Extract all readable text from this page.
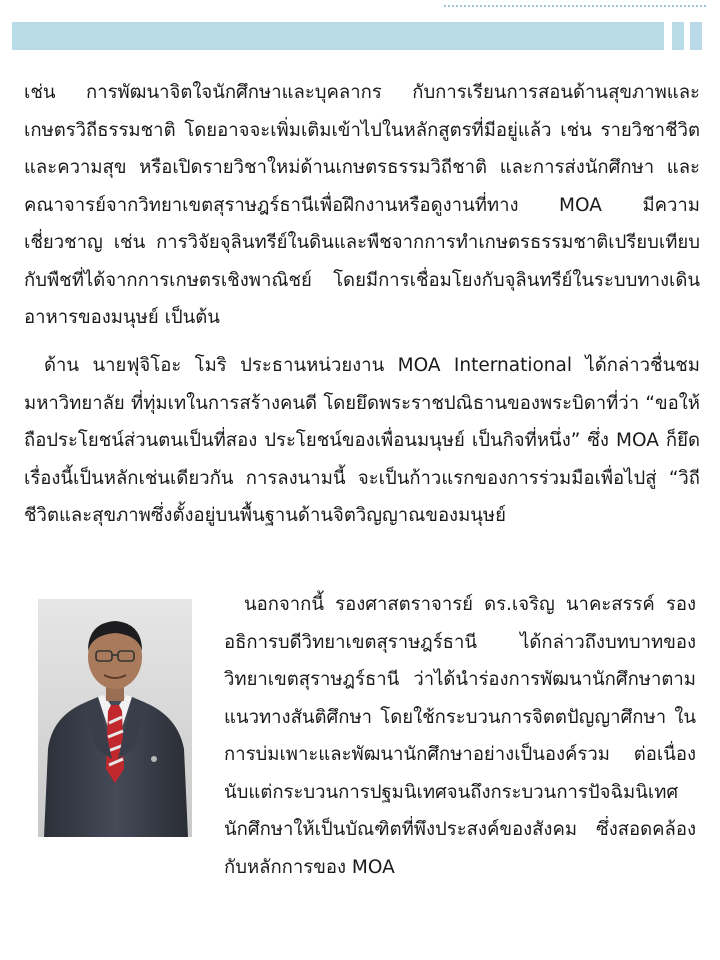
เช่น การพัฒนาจิตใจนักศึกษาและบุคลากร กับการเรียนการสอนด้านสุขภาพและเกษตรวิถีธรรมชาติ โดยอาจจะเพิ่มเติมเข้าไปในหลักสูตรที่มีอยู่แล้ว เช่น รายวิชาชีวิตและความสุข หรือเปิดรายวิชาใหม่ด้านเกษตรธรรมวิถีชาติ และการส่งนักศึกษา และคณาจารย์จากวิทยาเขตสุราษฎร์ธานีเพื่อฝึกงานหรือดูงานที่ทาง MOA มีความเชี่ยวชาญ เช่น การวิจัยจุลินทรีย์ในดินและพืชจากการทำเกษตรธรรมชาติเปรียบเทียบกับพืชที่ได้จากการเกษตรเชิงพาณิชย์ โดยมีการเชื่อมโยงกับจุลินทรีย์ในระบบทางเดินอาหารของมนุษย์ เป็นต้น

ด้าน นายฟุจิโอะ โมริ ประธานหน่วยงาน MOA International ได้กล่าวชื่นชมมหาวิทยาลัย ที่ทุ่มเทในการสร้างคนดี โดยยึดพระราชปณิธานของพระบิดาที่ว่า “ขอให้ถือประโยชน์ส่วนตนเป็นที่สอง ประโยชน์ของเพื่อนมนุษย์ เป็นกิจที่หนึ่ง” ซึ่ง MOA ก็ยึดเรื่องนี้เป็นหลักเช่นเดียวกัน การลงนามนี้ จะเป็นก้าวแรกของการร่วมมือเพื่อไปสู่ “วิถีชีวิตและสุขภาพซึ่งตั้งอยู่บนพื้นฐานด้านจิตวิญญาณของมนุษย์

นอกจากนี้ รองศาสตราจารย์ ดร.เจริญ นาคะสรรค์ รองอธิการบดีวิทยาเขตสุราษฎร์ธานี ได้กล่าวถึงบทบาทของวิทยาเขตสุราษฎร์ธานี ว่าได้นำร่องการพัฒนานักศึกษาตามแนวทางสันติศึกษา โดยใช้กระบวนการจิตตปัญญาศึกษา ในการบ่มเพาะและพัฒนานักศึกษาอย่างเป็นองค์รวม ต่อเนื่องนับแต่กระบวนการปฐมนิเทศจนถึงกระบวนการปัจฉิมนิเทศนักศึกษาให้เป็นบัณฑิตที่พึงประสงค์ของสังคม ซึ่งสอดคล้องกับหลักการของ MOA
